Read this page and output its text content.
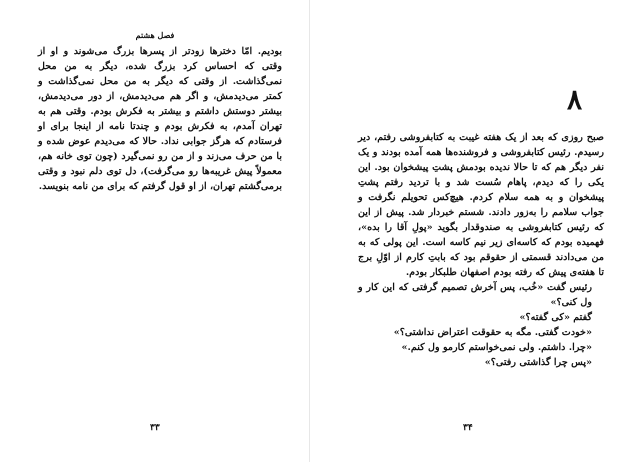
فصل هشتم
بودیم. امّا دخترها زودتر از پسرها بزرگ می‌شوند و او از وقتی که احساس کرد بزرگ شده، دیگر به من محل نمی‌گذاشت. از وقتی که دیگر به من محل نمی‌گذاشت و کمتر می‌دیدمش، و اگر هم می‌دیدمش، از دور می‌دیدمش، بیشتر دوستش داشتم و بیشتر به فکرش بودم. وقتی هم به تهران آمدم، به فکرش بودم و چندتا نامه از اینجا برای او فرستادم که هرگز جوابی نداد. حالا که می‌دیدم عوض شده و با من حرف می‌زند و از من رو نمی‌گیرد (چون توی خانه هم، معمولاً پیش غریبه‌ها رو می‌گرفت)، دل توی دلم نبود و وقتی برمی‌گشتم تهران، از او قول گرفتم که برای من نامه بنویسد.
۳۳
۸
۳۴

صبح روزی که بعد از یک هفته غیبت به کتابفروشی رفتم، دیر رسیدم. رئیس کتابفروشی و فروشنده‌ها همه آمده بودند و یک نفر دیگر هم که تا حالا ندیده بودمش پشتِ پیشخوان بود. این یکی را که دیدم، پاهام سُست شد و با تردید رفتم پشتِ پیشخوان و به همه سلام کردم. هیچ‌کس تحویلم نگرفت و جواب سلامم را به‌زور دادند. شستم خبردار شد. پیش از این که رئیس کتابفروشی به صندوقدار بگوید «پولِ آقا را بده»، فهمیده بودم که کاسه‌ای زیر نیم کاسه است. این پولی که به من می‌دادند قسمتی از حقوقم بود که بابتِ کارم از اوّلِ برج تا هفته‌ی پیش که رفته بودم اصفهان طلبکار بودم.

رئیس گفت «خُب، پس آخرش تصمیم گرفتی که این کار و ول کنی؟»

گفتم «کی گفته؟»

«خودت گفتی. مگه به حقوقت اعتراض نداشتی؟»

«چرا. داشتم. ولی نمی‌خواستم کارمو ول کنم.»

«پس چرا گذاشتی رفتی؟»
